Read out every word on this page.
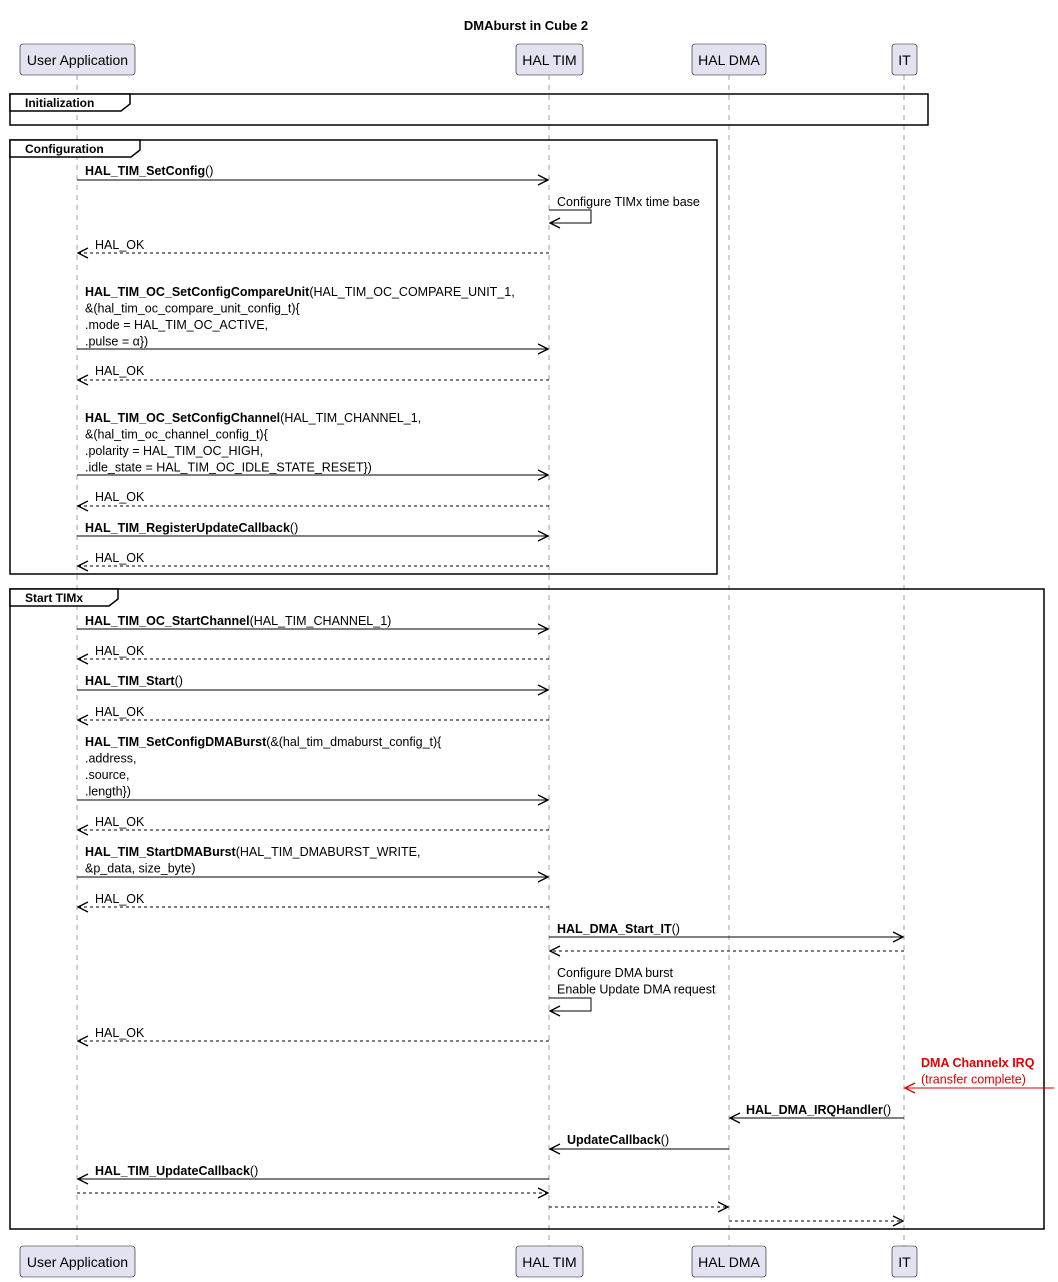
DMAburst in Cube 2
Initialization
Configuration
Start TIMx
User Application
User Application
HAL TIM
HAL TIM
HAL DMA
HAL DMA
IT
IT
HAL_TIM_SetConfig()
Configure TIMx time base
HAL_OK
HAL_TIM_OC_SetConfigCompareUnit(HAL_TIM_OC_COMPARE_UNIT_1,
&(hal_tim_oc_compare_unit_config_t){
.mode = HAL_TIM_OC_ACTIVE,
.pulse = α})
HAL_OK
HAL_TIM_OC_SetConfigChannel(HAL_TIM_CHANNEL_1,
&(hal_tim_oc_channel_config_t){
.polarity = HAL_TIM_OC_HIGH,
.idle_state = HAL_TIM_OC_IDLE_STATE_RESET})
HAL_OK
HAL_TIM_RegisterUpdateCallback()
HAL_OK
HAL_TIM_OC_StartChannel(HAL_TIM_CHANNEL_1)
HAL_OK
HAL_TIM_Start()
HAL_OK
HAL_TIM_SetConfigDMABurst(&(hal_tim_dmaburst_config_t){
.address,
.source,
.length})
HAL_OK
HAL_TIM_StartDMABurst(HAL_TIM_DMABURST_WRITE,
&p_data, size_byte)
HAL_OK
HAL_DMA_Start_IT()
Configure DMA burst
Enable Update DMA request
HAL_OK
DMA Channelx IRQ
(transfer complete)
HAL_DMA_IRQHandler()
UpdateCallback()
HAL_TIM_UpdateCallback()
